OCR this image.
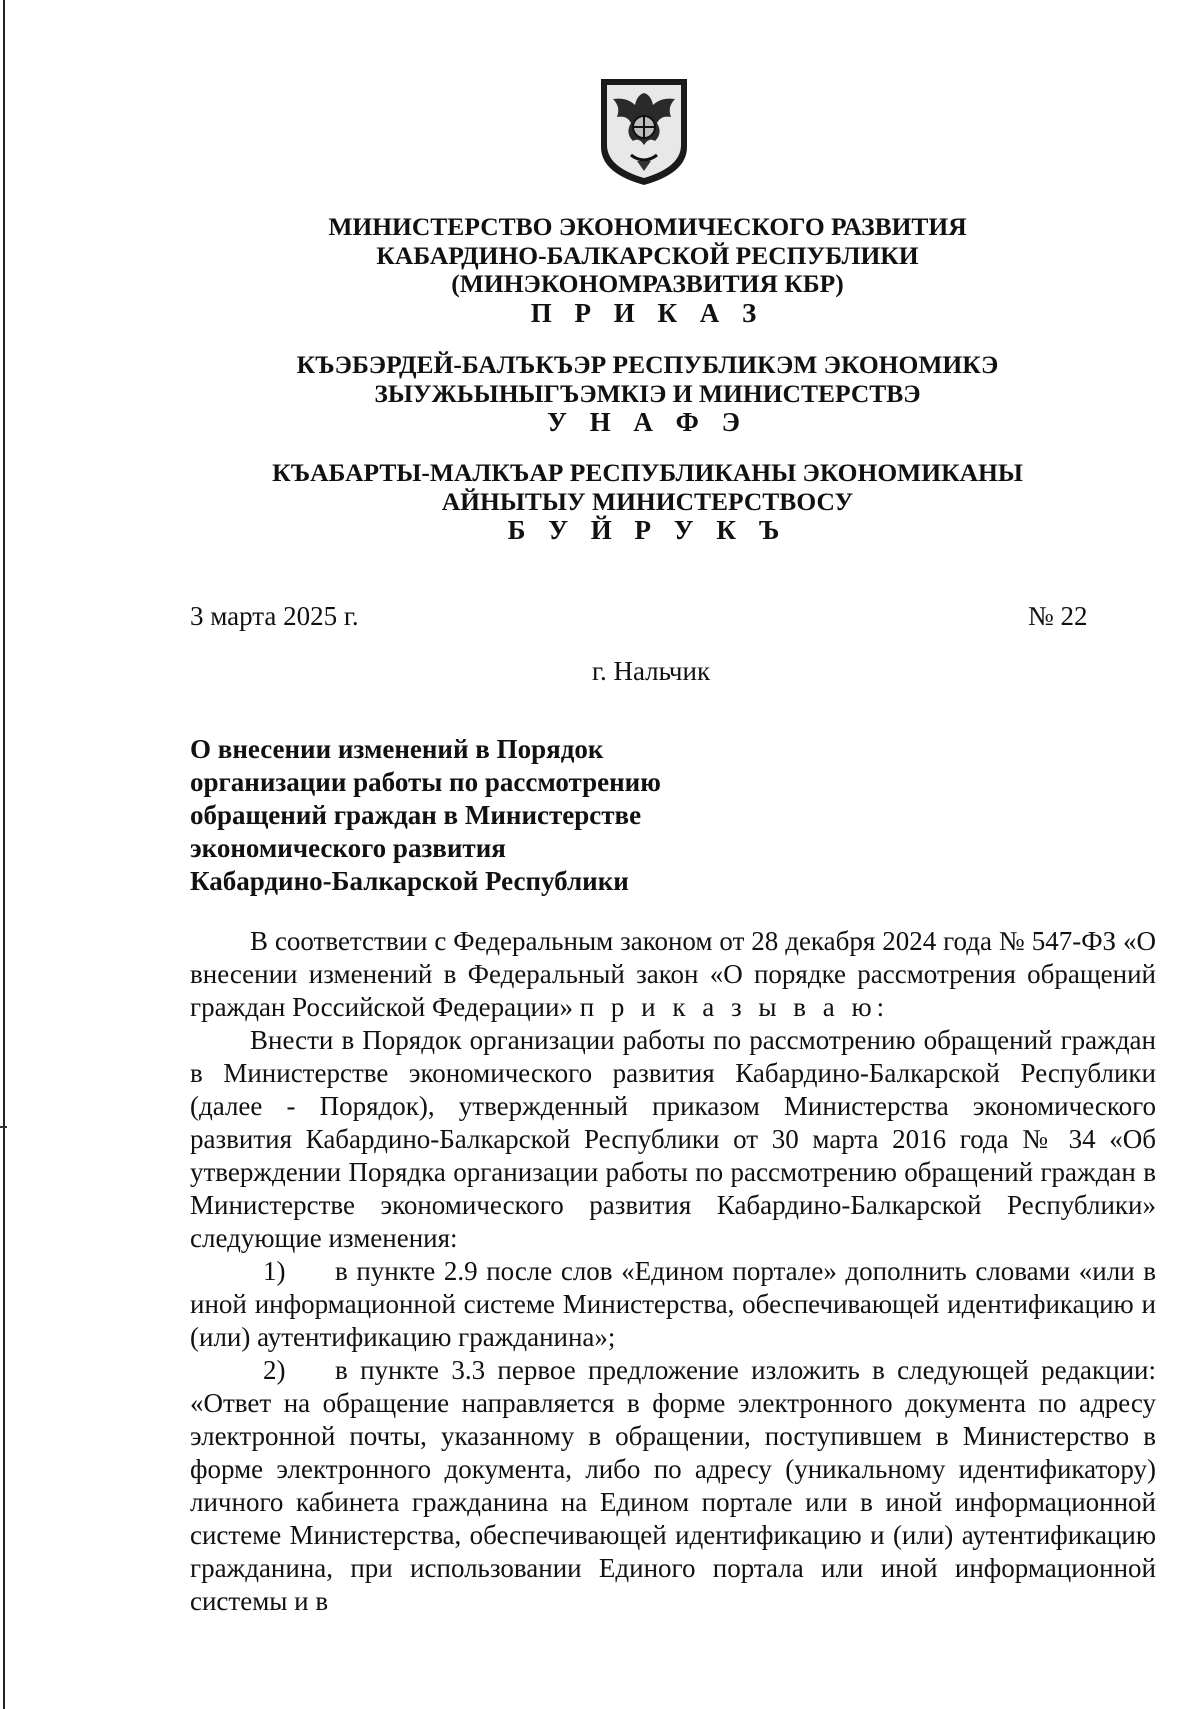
МИНИСТЕРСТВО ЭКОНОМИЧЕСКОГО РАЗВИТИЯ
КАБАРДИНО-БАЛКАРСКОЙ РЕСПУБЛИКИ
(МИНЭКОНОМРАЗВИТИЯ КБР)
П Р И К А З
КЪЭБЭРДЕЙ-БАЛЪКЪЭР РЕСПУБЛИКЭМ ЭКОНОМИКЭ
ЗЫУЖЬЫНЫГЪЭМКIЭ И МИНИСТЕРСТВЭ
У Н А Ф Э
КЪАБАРТЫ-МАЛКЪАР РЕСПУБЛИКАНЫ ЭКОНОМИКАНЫ
АЙНЫТЫУ МИНИСТЕРСТВОСУ
Б У Й Р У К Ъ
3 марта 2025 г.	№ 22
г. Нальчик
О внесении изменений в Порядок
организации работы по рассмотрению
обращений граждан в Министерстве
экономического развития
Кабардино-Балкарской Республики

В соответствии с Федеральным законом от 28 декабря 2024 года № 547-ФЗ «О внесении изменений в Федеральный закон «О порядке рассмотрения обращений граждан Российской Федерации» п р и к а з ы в а ю:

Внести в Порядок организации работы по рассмотрению обращений граждан в Министерстве экономического развития Кабардино-Балкарской Республики (далее - Порядок), утвержденный приказом Министерства экономического развития Кабардино-Балкарской Республики от 30 марта 2016 года № 34 «Об утверждении Порядка организации работы по рассмотрению обращений граждан в Министерстве экономического развития Кабардино-Балкарской Республики» следующие изменения:

1) в пункте 2.9 после слов «Едином портале» дополнить словами «или в иной информационной системе Министерства, обеспечивающей идентификацию и (или) аутентификацию гражданина»;

2) в пункте 3.3 первое предложение изложить в следующей редакции: «Ответ на обращение направляется в форме электронного документа по адресу электронной почты, указанному в обращении, поступившем в Министерство в форме электронного документа, либо по адресу (уникальному идентификатору) личного кабинета гражданина на Едином портале или в иной информационной системе Министерства, обеспечивающей идентификацию и (или) аутентификацию гражданина, при использовании Единого портала или иной информационной системы и в
